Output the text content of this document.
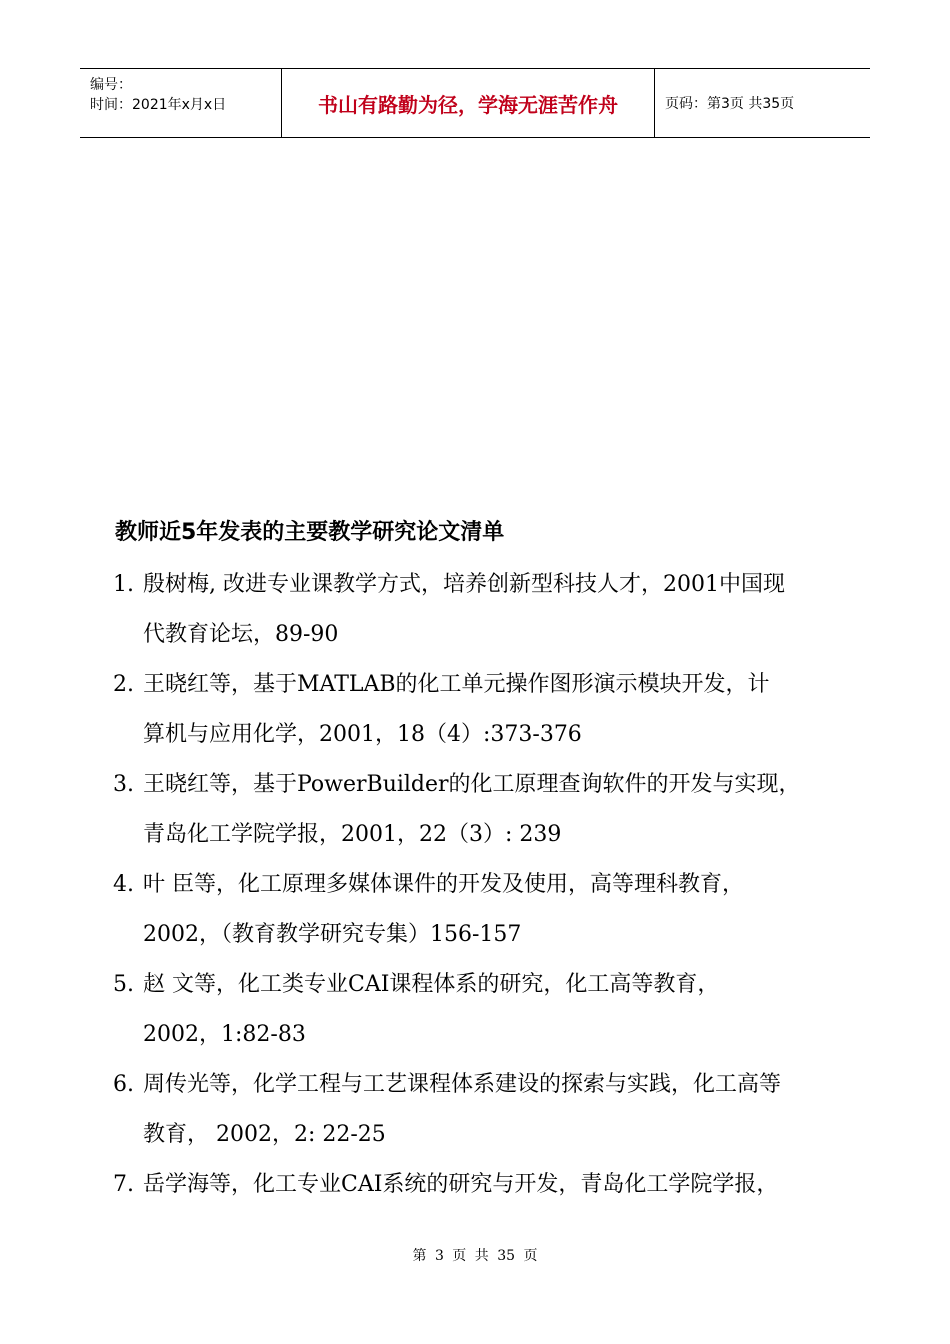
编号：
时间：2021年x月x日	书山有路勤为径，学海无涯苦作舟	页码：第3页 共35页
教师近5年发表的主要教学研究论文清单
1. 殷树梅, 改进专业课教学方式，培养创新型科技人才，2001中国现
代教育论坛，89-90
2. 王晓红等，基于MATLAB的化工单元操作图形演示模块开发，计
算机与应用化学，2001，18（4）:373-376
3. 王晓红等，基于PowerBuilder的化工原理查询软件的开发与实现，
青岛化工学院学报，2001，22（3）: 239
4. 叶 臣等，化工原理多媒体课件的开发及使用，高等理科教育，
2002，（教育教学研究专集）156-157
5. 赵 文等，化工类专业CAI课程体系的研究，化工高等教育，
2002，1:82-83
6. 周传光等，化学工程与工艺课程体系建设的探索与实践，化工高等
教育， 2002，2: 22-25
7. 岳学海等，化工专业CAI系统的研究与开发，青岛化工学院学报，
第 3 页 共 35 页
